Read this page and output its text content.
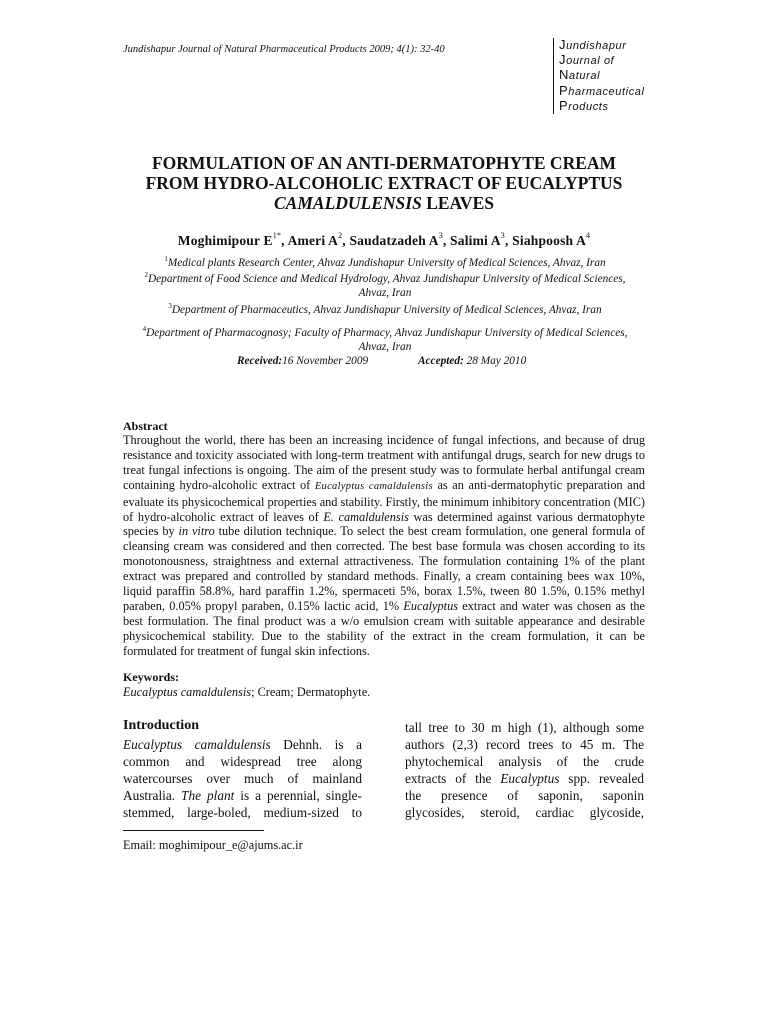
Jundishapur Journal of Natural Pharmaceutical Products 2009; 4(1): 32-40	Jundishapur
Journal of
Natural
Pharmaceutical
Products
FORMULATION OF AN ANTI-DERMATOPHYTE CREAM
FROM HYDRO-ALCOHOLIC EXTRACT OF EUCALYPTUS
CAMALDULENSIS LEAVES
Moghimipour $E^{1*}$, Ameri $A^2$, Saudatzadeh $A^3$, Salimi $A^3$, Siahpoosh $A^4$
$^1$Medical plants Research Center, Ahvaz Jundishapur University of Medical Sciences, Ahvaz, Iran
$^2$Department of Food Science and Medical Hydrology, Ahvaz Jundishapur University of Medical Sciences, Ahvaz, Iran
$^3$Department of Pharmaceutics, Ahvaz Jundishapur University of Medical Sciences, Ahvaz, Iran
$^4$Department of Pharmacognosy; Faculty of Pharmacy, Ahvaz Jundishapur University of Medical Sciences, Ahvaz, Iran
Received:16 November 2009	Accepted: 28 May 2010
Abstract
Throughout the world, there has been an increasing incidence of fungal infections, and because of drug resistance and toxicity associated with long-term treatment with antifungal drugs, search for new drugs to treat fungal infections is ongoing. The aim of the present study was to formulate herbal antifungal cream containing hydro-alcoholic extract of Eucalyptus camaldulensis as an anti-dermatophytic preparation and evaluate its physicochemical properties and stability. Firstly, the minimum inhibitory concentration (MIC) of hydro-alcoholic extract of leaves of E. camaldulensis was determined against various dermatophyte species by in vitro tube dilution technique. To select the best cream formulation, one general formula of cleansing cream was considered and then corrected. The best base formula was chosen according to its monotonousness, straightness and external attractiveness. The formulation containing 1% of the plant extract was prepared and controlled by standard methods. Finally, a cream containing bees wax 10%, liquid paraffin 58.8%, hard paraffin 1.2%, spermaceti 5%, borax 1.5%, tween 80 1.5%, 0.15% methyl paraben, 0.05% propyl paraben, 0.15% lactic acid, 1% Eucalyptus extract and water was chosen as the best formulation. The final product was a w/o emulsion cream with suitable appearance and desirable physicochemical stability. Due to the stability of the extract in the cream formulation, it can be formulated for treatment of fungal skin infections.
Keywords:
Eucalyptus camaldulensis; Cream; Dermatophyte.
Introduction
Eucalyptus camaldulensis Dehnh. is a
common and widespread tree along
watercourses over much of mainland
Australia. The plant is a perennial, single-
stemmed, large-boled, medium-sized to
tall tree to 30 m high (1), although some
authors (2,3) record trees to 45 m. The
phytochemical analysis of the crude
extracts of the Eucalyptus spp. revealed
the presence of saponin, saponin
glycosides, steroid, cardiac glycoside,
Email: moghimipour_e@ajums.ac.ir
